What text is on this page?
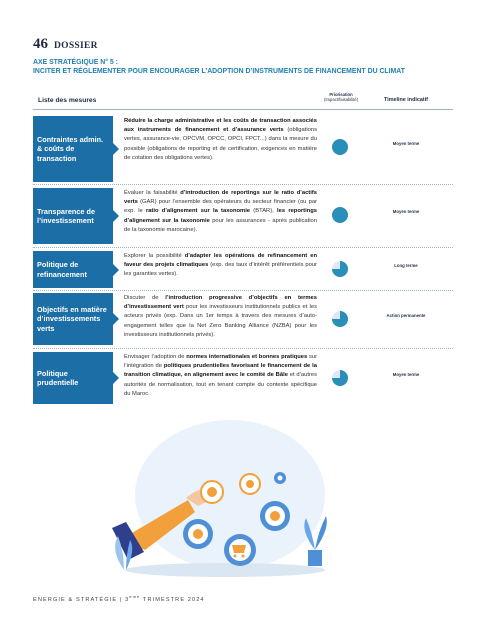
46 DOSSIER
AXE STRATÉGIQUE N° 5 :
INCITER ET RÉGLEMENTER POUR ENCOURAGER L’ADOPTION D’INSTRUMENTS DE FINANCEMENT DU CLIMAT
Liste des mesures
Priorisation
(Impact/faisabilité)	Timeline indicatif
Contraintes admin. & coûts de transaction
Réduire la charge administrative et les coûts de transaction associés aux instruments de financement et d’assurance verts (obligations vertes, assurance-vie, OPCVM, OPCC, OPCI, FPCT...) dans la mesure du possible (obligations de reporting et de certification, exigences en matière de cotation des obligations vertes).
Moyen terme
Transparence de l’investissement
Évaluer la faisabilité d’introduction de reportings sur le ratio d’actifs verts (GAR) pour l’ensemble des opérateurs du secteur financier (ou par exp. le ratio d’alignement sur la taxonomie (BTAR), les reportings d’alignement sur la taxonomie pour les assurances - après publication de la taxonomie marocaine).
Moyen terme
Politique de refinancement
Explorer la possibilité d’adapter les opérations de refinancement en faveur des projets climatiques (exp. des taux d’intérêt préférentiels pour les garanties vertes).
Long terme
Objectifs en matière d’investissements verts
Discuter de l’introduction progressive d’objectifs en termes d’investissement vert pour les investisseurs institutionnels publics et les acteurs privés (exp. Dans un 1er temps à travers des mesures d’auto-engagement telles que la Net Zero Banking Alliance (NZBA) pour les investisseurs institutionnels privés).
Action permanente
Politique prudentielle
Envisager l’adoption de normes internationales et bonnes pratiques sur l’intégration de politiques prudentielles favorisant le financement de la transition climatique, en alignement avec le comité de Bâle et d’autres autorités de normalisation, tout en tenant compte du contexte spécifique du Maroc.
Moyen terme
ENERGIE & STRATÉGIE | 3ème TRIMESTRE 2024
